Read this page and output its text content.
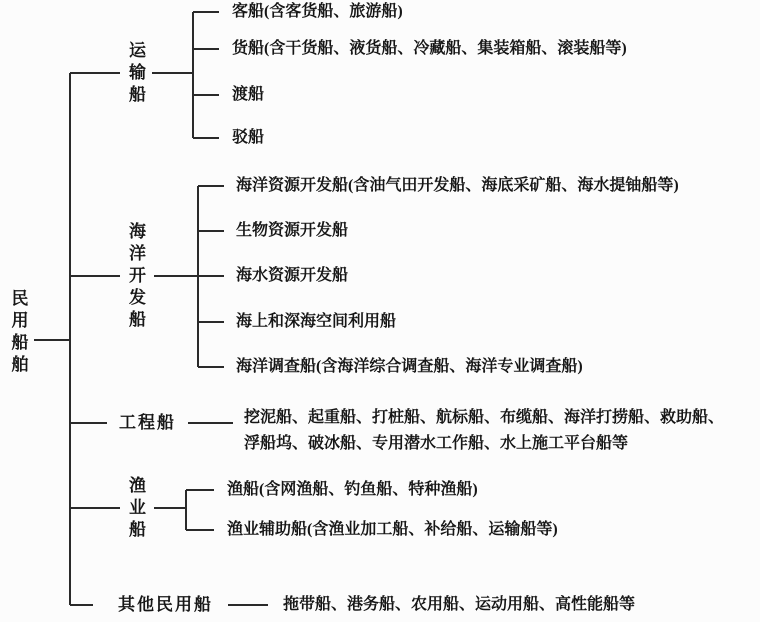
民用船舶
运输船
客船(含客货船、旅游船)
货船(含干货船、液货船、冷藏船、集装箱船、滚装船等)
渡船
驳船
海洋开发船
海洋资源开发船(含油气田开发船、海底采矿船、海水提铀船等)
生物资源开发船
海水资源开发船
海上和深海空间利用船
海洋调查船(含海洋综合调查船、海洋专业调查船)
工程船	挖泥船、起重船、打桩船、航标船、布缆船、海洋打捞船、救助船、浮船坞、破冰船、专用潜水工作船、水上施工平台船等
渔业船
渔船(含网渔船、钓鱼船、特种渔船)
渔业辅助船(含渔业加工船、补给船、运输船等)
其他民用船	拖带船、港务船、农用船、运动用船、高性能船等
